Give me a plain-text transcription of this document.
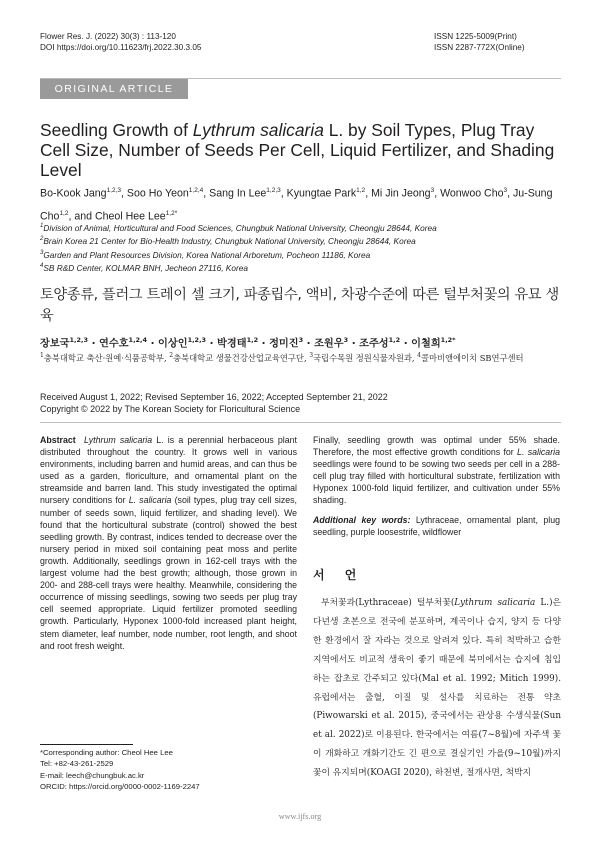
Flower Res. J. (2022) 30(3) : 113-120
DOI https://doi.org/10.11623/frj.2022.30.3.05
ISSN 1225-5009(Print)
ISSN 2287-772X(Online)
ORIGINAL ARTICLE
Seedling Growth of Lythrum salicaria L. by Soil Types, Plug Tray Cell Size, Number of Seeds Per Cell, Liquid Fertilizer, and Shading Level
Bo-Kook Jang$^{1,2,3}$, Soo Ho Yeon$^{1,2,4}$, Sang In Lee$^{1,2,3}$, Kyungtae Park$^{1,2}$, Mi Jin Jeong$^3$, Wonwoo Cho$^3$, Ju-Sung Cho$^{1,2}$, and Cheol Hee Lee$^{1,2*}$
$^1$Division of Animal, Horticultural and Food Sciences, Chungbuk National University, Cheongju 28644, Korea
$^2$Brain Korea 21 Center for Bio-Health Industry, Chungbuk National University, Cheongju 28644, Korea
$^3$Garden and Plant Resources Division, Korea National Arboretum, Pocheon 11186, Korea
$^4$SB R&D Center, KOLMAR BNH, Jecheon 27116, Korea
토양종류, 플러그 트레이 셀 크기, 파종립수, 액비, 차광수준에 따른 털부처꽃의 유묘 생육
장보국$^{1,2,3}$ · 연수호$^{1,2,4}$ · 이상인$^{1,2,3}$ · 박경태$^{1,2}$ · 정미진$^3$ · 조원우$^3$ · 조주성$^{1,2}$ · 이철희$^{1,2*}$
$^1$충북대학교 축산·원예·식품공학부, $^2$충북대학교 생물건강산업교육연구단, $^3$국립수목원 정원식물자원과, $^4$콜마비앤에이치 SB연구센터
Received August 1, 2022; Revised September 16, 2022; Accepted September 21, 2022
Copyright © 2022 by The Korean Society for Floricultural Science
Abstract Lythrum salicaria L. is a perennial herbaceous plant distributed throughout the country. It grows well in various environments, including barren and humid areas, and can thus be used as a garden, floriculture, and ornamental plant on the streamside and barren land. This study investigated the optimal nursery conditions for L. salicaria (soil types, plug tray cell sizes, number of seeds sown, liquid fertilizer, and shading level). We found that the horticultural substrate (control) showed the best seedling growth. By contrast, indices tended to decrease over the nursery period in mixed soil containing peat moss and perlite growth. Additionally, seedlings grown in 162-cell trays with the largest volume had the best growth; although, those grown in 200- and 288-cell trays were healthy. Meanwhile, considering the occurrence of missing seedlings, sowing two seeds per plug tray cell seemed appropriate. Liquid fertilizer promoted seedling growth. Particularly, Hyponex 1000-fold increased plant height, stem diameter, leaf number, node number, root length, and shoot and root fresh weight.
Finally, seedling growth was optimal under 55% shade. Therefore, the most effective growth conditions for L. salicaria seedlings were found to be sowing two seeds per cell in a 288-cell plug tray filled with horticultural substrate, fertilization with Hyponex 1000-fold liquid fertilizer, and cultivation under 55% shading.
Additional key words: Lythraceae, ornamental plant, plug seedling, purple loosestrife, wildflower
서 언
부처꽃과(Lythraceae) 털부처꽃(Lythrum salicaria L.)은 다년생 초본으로 전국에 분포하며, 계곡이나 습지, 양지 등 다양한 환경에서 잘 자라는 것으로 알려져 있다. 특히 척박하고 습한 지역에서도 비교적 생육이 좋기 때문에 북미에서는 습지에 침입하는 잡초로 간주되고 있다(Mal et al. 1992; Mitich 1999). 유럽에서는 출혈, 이질 및 설사를 치료하는 전통 약초(Piwowarski et al. 2015), 중국에서는 관상용 수생식물(Sun et al. 2022)로 이용된다. 한국에서는 여름(7~8월)에 자주색 꽃이 개화하고 개화기간도 긴 편으로 결실기인 가을(9~10월)까지 꽃이 유지되며(KOAGI 2020), 하천변, 절개사면, 척박지
*Corresponding author: Cheol Hee Lee
Tel: +82-43-261-2529
E-mail: leech@chungbuk.ac.kr
ORCID: https://orcid.org/0000-0002-1169-2247
www.ijfs.org
